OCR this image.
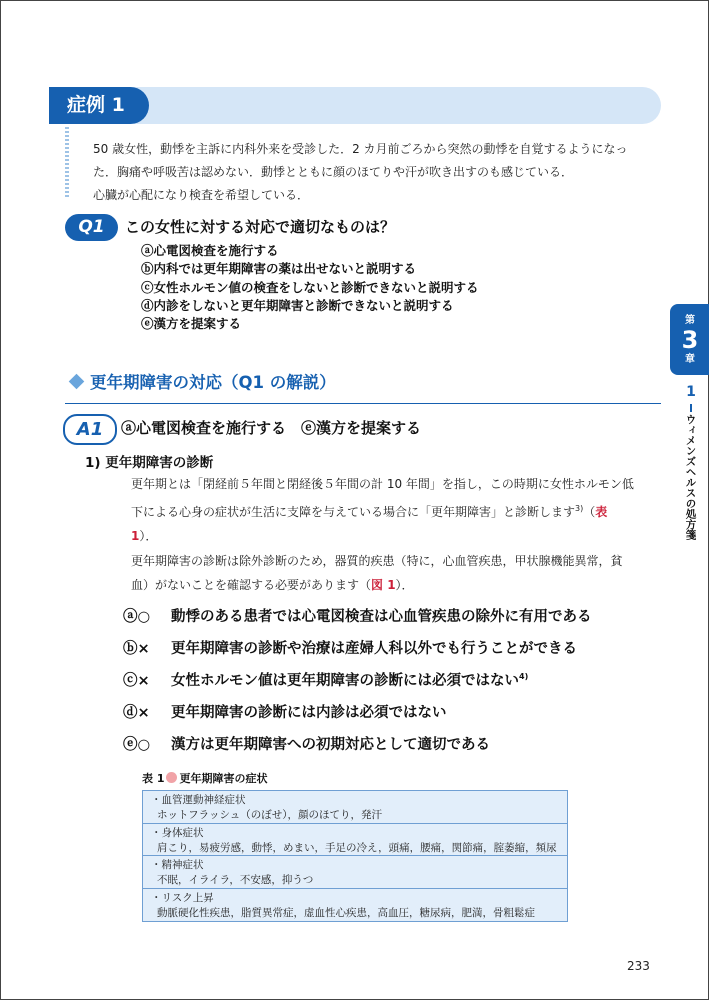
症例 1

50 歳女性，動悸を主訴に内科外来を受診した．2 カ月前ごろから突然の動悸を自覚するようになった．胸痛や呼吸苦は認めない．動悸とともに顔のほてりや汗が吹き出すのも感じている．

心臓が心配になり検査を希望している．

Q1	この女性に対する対応で適切なものは？
ⓐ心電図検査を施行する
ⓑ内科では更年期障害の薬は出せないと説明する
ⓒ女性ホルモン値の検査をしないと診断できないと説明する
ⓓ内診をしないと更年期障害と診断できないと説明する
ⓔ漢方を提案する
更年期障害の対応（Q1 の解説）
A1	ⓐ心電図検査を施行する　ⓔ漢方を提案する
1) 更年期障害の診断

更年期とは「閉経前５年間と閉経後５年間の計 10 年間」を指し，この時期に女性ホルモン低下による心身の症状が生活に支障を与えている場合に「更年期障害」と診断します$^{3)}$（表 1）．

更年期障害の診断は除外診断のため，器質的疾患（特に，心血管疾患，甲状腺機能異常，貧血）がないことを確認する必要があります（図 1）．

ⓐ○ 動悸のある患者では心電図検査は心血管疾患の除外に有用である
ⓑ× 更年期障害の診断や治療は産婦人科以外でも行うことができる
ⓒ× 女性ホルモン値は更年期障害の診断には必須ではない$^{4)}$
ⓓ× 更年期障害の診断には内診は必須ではない
ⓔ○ 漢方は更年期障害への初期対応として適切である
表 1 更年期障害の症状
・血管運動神経症状
ホットフラッシュ（のぼせ），顔のほてり，発汗
・身体症状
肩こり，易疲労感，動悸，めまい，手足の冷え，頭痛，腰痛，関節痛，腟萎縮，頻尿
・精神症状
不眠，イライラ，不安感，抑うつ
・リスク上昇
動脈硬化性疾患，脂質異常症，虚血性心疾患，高血圧，糖尿病，肥満，骨粗鬆症
第
3
章
1
ウィメンズヘルスの処方箋
233
